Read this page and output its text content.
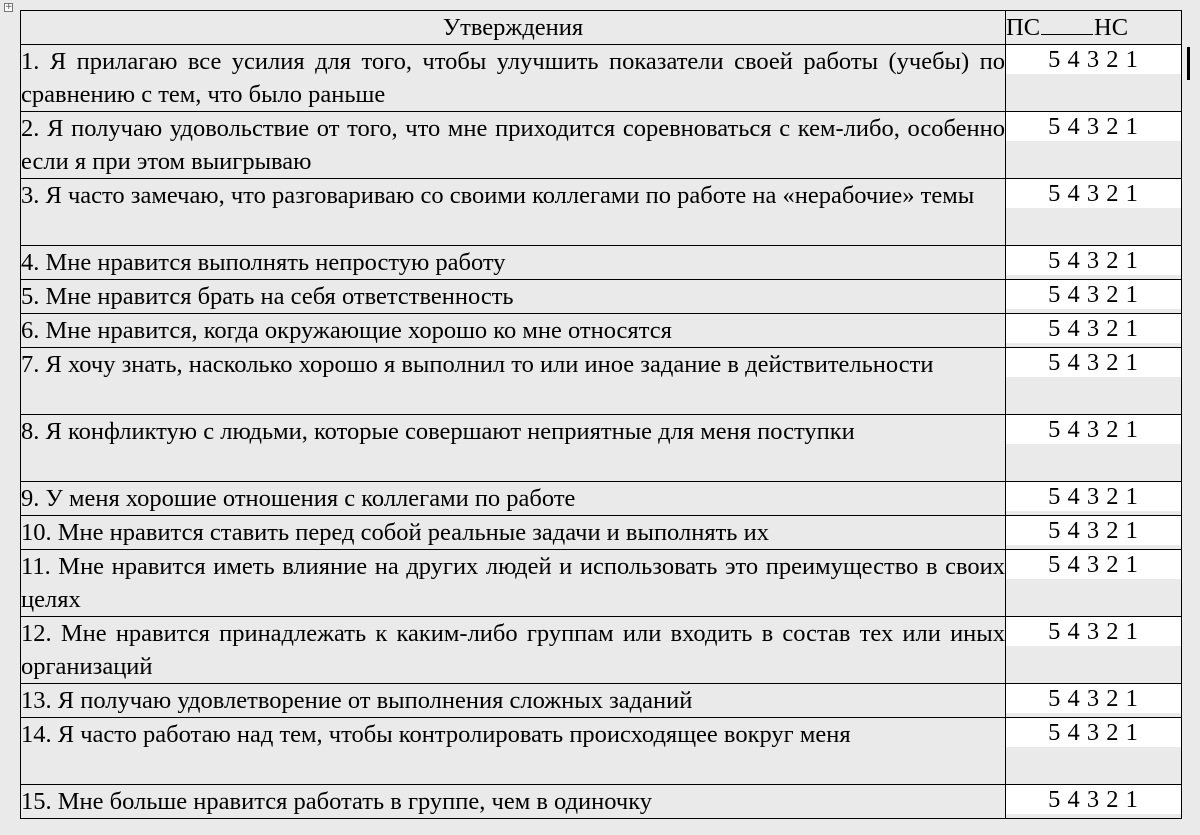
+
Утверждения	ПС НС
1. Я прилагаю все усилия для того, чтобы улучшить показатели своей работы (учебы) по сравнению с тем, что было раньше	5 4 3 2 1

2. Я получаю удовольствие от того, что мне приходится соревноваться с кем-либо, особенно если я при этом выигрываю	5 4 3 2 1

3. Я часто замечаю, что разговариваю со своими коллегами по работе на «нерабочие» темы	5 4 3 2 1

4. Мне нравится выполнять непростую работу	5 4 3 2 1

5. Мне нравится брать на себя ответственность	5 4 3 2 1

6. Мне нравится, когда окружающие хорошо ко мне относятся	5 4 3 2 1

7. Я хочу знать, насколько хорошо я выполнил то или иное задание в действительности	5 4 3 2 1

8. Я конфликтую с людьми, которые совершают неприятные для меня поступки	5 4 3 2 1

9. У меня хорошие отношения с коллегами по работе	5 4 3 2 1

10. Мне нравится ставить перед собой реальные задачи и выполнять их	5 4 3 2 1

11. Мне нравится иметь влияние на других людей и использовать это преимущество в своих целях	5 4 3 2 1

12. Мне нравится принадлежать к каким-либо группам или входить в состав тех или иных организаций	5 4 3 2 1

13. Я получаю удовлетворение от выполнения сложных заданий	5 4 3 2 1

14. Я часто работаю над тем, чтобы контролировать происходящее вокруг меня	5 4 3 2 1

15. Мне больше нравится работать в группе, чем в одиночку	5 4 3 2 1
